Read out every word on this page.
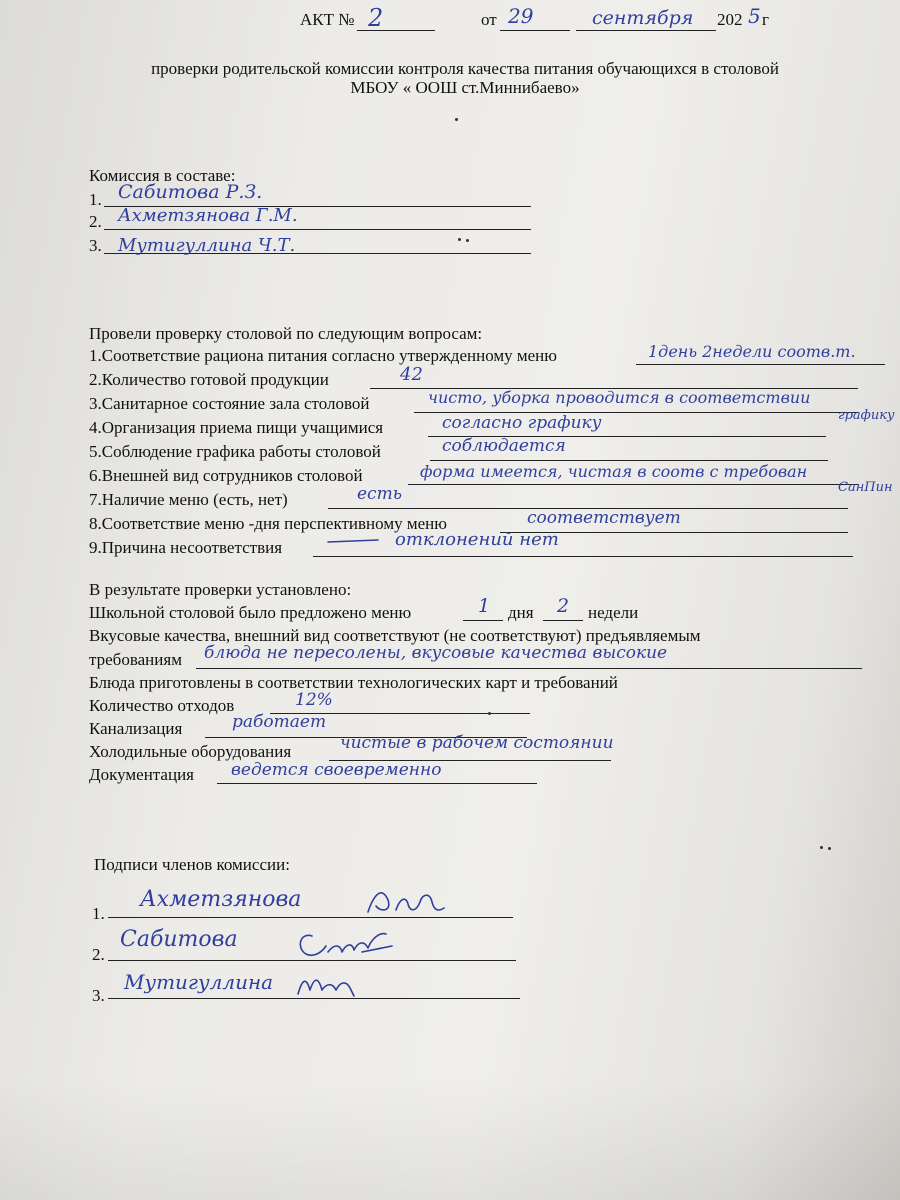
АКТ № 2	от 29	сентября 202 5 г
проверки родительской комиссии контроля качества питания обучающихся в столовой
МБОУ « ООШ ст.Миннибаево»
Комиссия в составе:
1. Сабитова Р.З.
2. Ахметзянова Г.М.
3. Мутигуллина Ч.Т.
Провели проверку столовой по следующим вопросам:
1.Соответствие рациона питания согласно утвержденному меню	1день 2недели соотв.т.
2.Количество готовой продукции	42
3.Санитарное состояние зала столовой	чисто, уборка проводится в соответствии
графику
4.Организация приема пищи учащимися	согласно графику
5.Соблюдение графика работы столовой	соблюдается
6.Внешней вид сотрудников столовой	форма имеется, чистая в соотв с требован
СанПин
7.Наличие меню (есть, нет)	есть
8.Соответствие меню -дня перспективному меню	соответствует
9.Причина несоответствия	отклонений нет
В результате проверки установлено:
Школьной столовой было предложено меню	1 дня 2 недели
Вкусовые качества, внешний вид соответствуют (не соответствуют) предъявляемым
требованиям блюда не пересолены, вкусовые качества высокие
Блюда приготовлены в соответствии технологических карт и требований
Количество отходов	12%
Канализация	работает
Холодильные оборудования	чистые в рабочем состоянии
Документация ведется своевременно
Подписи членов комиссии:
1.
Ахметзянова
2.
Сабитова
3.
Мутигуллина
